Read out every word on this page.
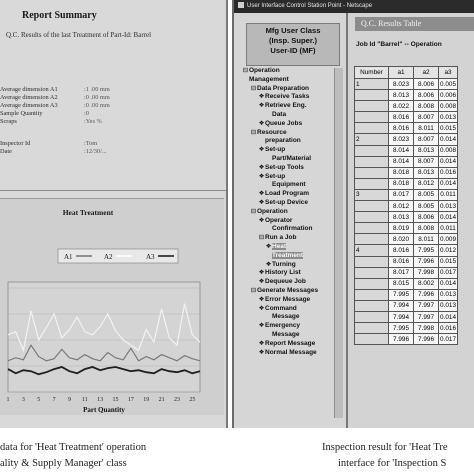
Report Summary
Q.C. Results of the last Treatment of Part-Id: Barrel
Average dimension A1	:1 .00 mm
Average dimension A2	:0 .00 mm
Average dimension A3	:0 .00 mm
Sample Quantity	:0
Scraps	:Yes %
Inspector Id	:Tom
Date	:12/30/...
Heat Treatment
A1	A2	A3
1 3 5 7 9 11 13 15 17 19 21 23 25
Part Quantity
User Interface Control Station Point - Netscape
Mfg User Class
(Insp. Super.)
User-ID (MF)
⊟Operation
Management
⊟Data Preparation
❖Receive Tasks
❖Retrieve Eng.
Data
❖Queue Jobs
⊟Resource
preparation
❖Set-up
Part/Material
❖Set-up Tools
❖Set-up
Equipment
❖Load Program
❖Set-up Device
⊟Operation
❖Operator
Confirmation
⊟Run a Job
❖Heat
Treatment
❖Turning
❖History List
❖Dequeue Job
⊟Generate Messages
❖Error Message
❖Command
Message
❖Emergency
Message
❖Report Message
❖Normal Message
Q.C. Results Table
Job Id "Barrel" -- Operation
Number	a1	a2	a3
1	8.023	8.006	0.005
	8.013	8.006	0.006
	8.022	8.008	0.008
	8.016	8.007	0.013
	8.016	8.011	0.015
2	8.023	8.007	0.014
	8.014	8.013	0.008
	8.014	8.007	0.014
	8.018	8.013	0.016
	8.018	8.012	0.014
3	8.017	8.005	0.011
	8.012	8.005	0.013
	8.013	8.006	0.014
	8.019	8.008	0.011
	8.020	8.011	0.009
4	8.016	7.995	0.012
	8.016	7.996	0.015
	8.017	7.998	0.017
	8.015	8.002	0.014
	7.995	7.996	0.013
	7.994	7.997	0.013
	7.994	7.997	0.014
	7.995	7.998	0.016
	7.996	7.996	0.017
data for 'Heat Treatment' operation
ality & Supply Manager' class
Inspection result for 'Heat Tre
interface for 'Inspection S
